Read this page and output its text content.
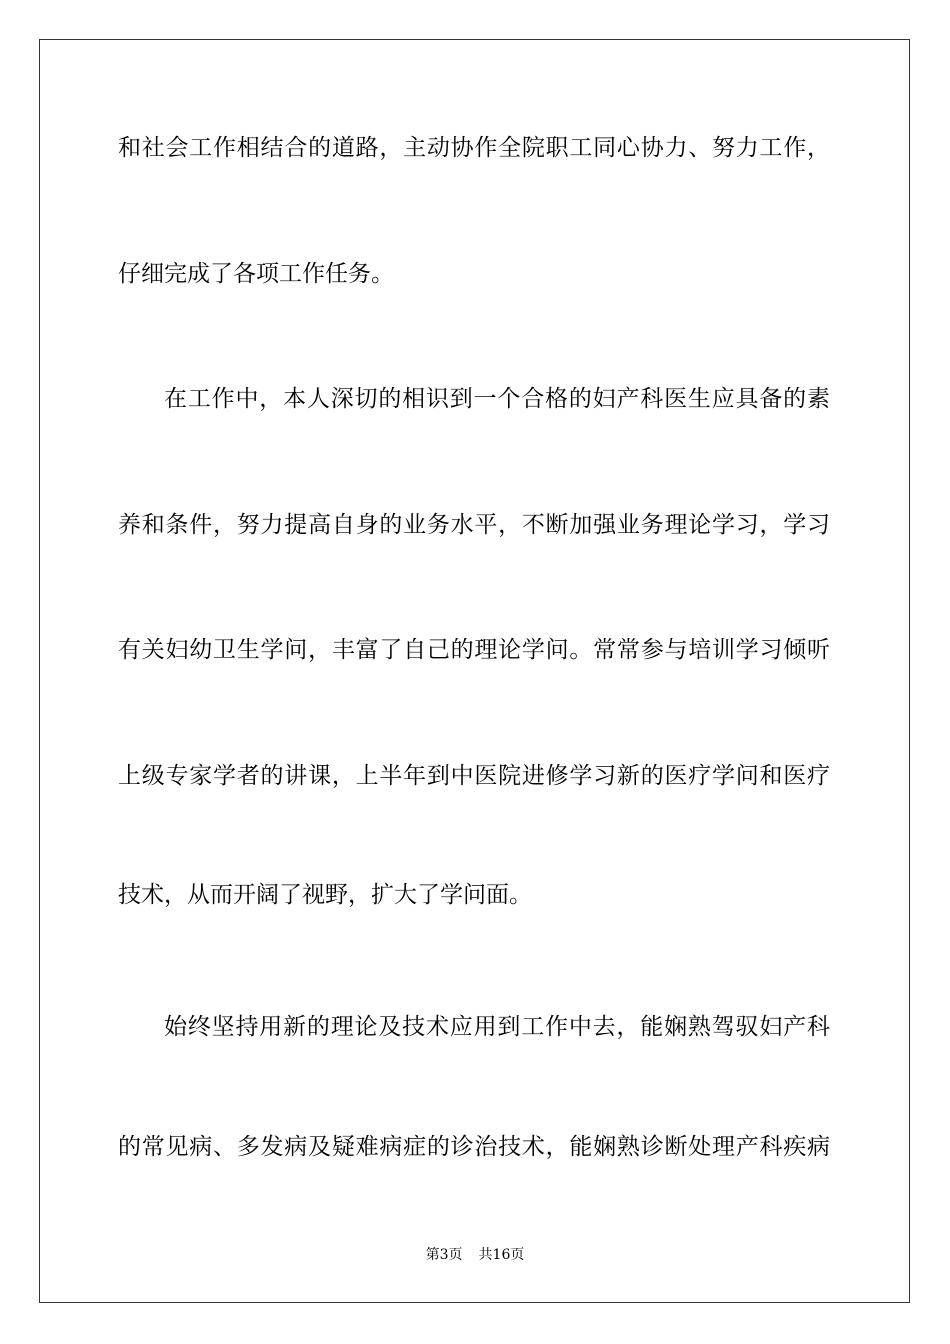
和社会工作相结合的道路，主动协作全院职工同心协力、努力工作，
仔细完成了各项工作任务。
在工作中，本人深切的相识到一个合格的妇产科医生应具备的素
养和条件，努力提高自身的业务水平，不断加强业务理论学习，学习
有关妇幼卫生学问，丰富了自己的理论学问。常常参与培训学习倾听
上级专家学者的讲课，上半年到中医院进修学习新的医疗学问和医疗
技术，从而开阔了视野，扩大了学问面。
始终坚持用新的理论及技术应用到工作中去，能娴熟驾驭妇产科
的常见病、多发病及疑难病症的诊治技术，能娴熟诊断处理产科疾病
第3页 共16页
